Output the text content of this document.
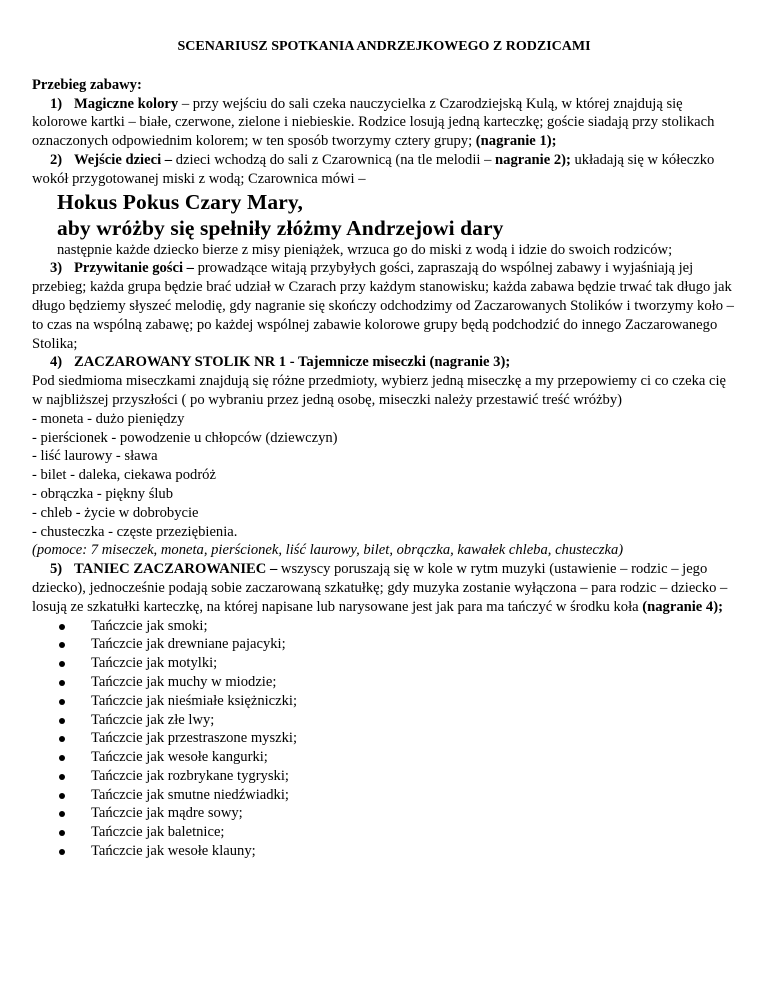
SCENARIUSZ SPOTKANIA ANDRZEJKOWEGO Z RODZICAMI

Przebieg zabawy:

1) Magiczne kolory – przy wejściu do sali czeka nauczycielka z Czarodziejską Kulą, w której znajdują się kolorowe kartki – białe, czerwone, zielone i niebieskie. Rodzice losują jedną karteczkę; goście siadają przy stolikach oznaczonych odpowiednim kolorem; w ten sposób tworzymy cztery grupy; (nagranie 1);

2) Wejście dzieci – dzieci wchodzą do sali z Czarownicą (na tle melodii – nagranie 2); układają się w kółeczko wokół przygotowanej miski z wodą; Czarownica mówi –

Hokus Pokus Czary Mary,

aby wróżby się spełniły złóżmy Andrzejowi dary

następnie każde dziecko bierze z misy pieniążek, wrzuca go do miski z wodą i idzie do swoich rodziców;

3) Przywitanie gości – prowadzące witają przybyłych gości, zapraszają do wspólnej zabawy i wyjaśniają jej przebieg; każda grupa będzie brać udział w Czarach przy każdym stanowisku; każda zabawa będzie trwać tak długo jak długo będziemy słyszeć melodię, gdy nagranie się skończy odchodzimy od Zaczarowanych Stolików i tworzymy koło – to czas na wspólną zabawę; po każdej wspólnej zabawie kolorowe grupy będą podchodzić do innego Zaczarowanego Stolika;

4) ZACZAROWANY STOLIK NR 1 - Tajemnicze miseczki (nagranie 3);

Pod siedmioma miseczkami znajdują się różne przedmioty, wybierz jedną miseczkę a my przepowiemy ci co czeka cię w najbliższej przyszłości ( po wybraniu przez jedną osobę, miseczki należy przestawić treść wróżby)

- moneta - dużo pieniędzy

- pierścionek - powodzenie u chłopców (dziewczyn)

- liść laurowy - sława

- bilet - daleka, ciekawa podróż

- obrączka - piękny ślub

- chleb - życie w dobrobycie

- chusteczka - częste przeziębienia.

(pomoce: 7 miseczek, moneta, pierścionek, liść laurowy, bilet, obrączka, kawałek chleba, chusteczka)

5) TANIEC ZACZAROWANIEC – wszyscy poruszają się w kole w rytm muzyki (ustawienie – rodzic – jego dziecko), jednocześnie podają sobie zaczarowaną szkatułkę; gdy muzyka zostanie wyłączona – para rodzic – dziecko – losują ze szkatułki karteczkę, na której napisane lub narysowane jest jak para ma tańczyć w środku koła (nagranie 4);

Tańczcie jak smoki;
Tańczcie jak drewniane pajacyki;
Tańczcie jak motylki;
Tańczcie jak muchy w miodzie;
Tańczcie jak nieśmiałe księżniczki;
Tańczcie jak złe lwy;
Tańczcie jak przestraszone myszki;
Tańczcie jak wesołe kangurki;
Tańczcie jak rozbrykane tygryski;
Tańczcie jak smutne niedźwiadki;
Tańczcie jak mądre sowy;
Tańczcie jak baletnice;
Tańczcie jak wesołe klauny;
